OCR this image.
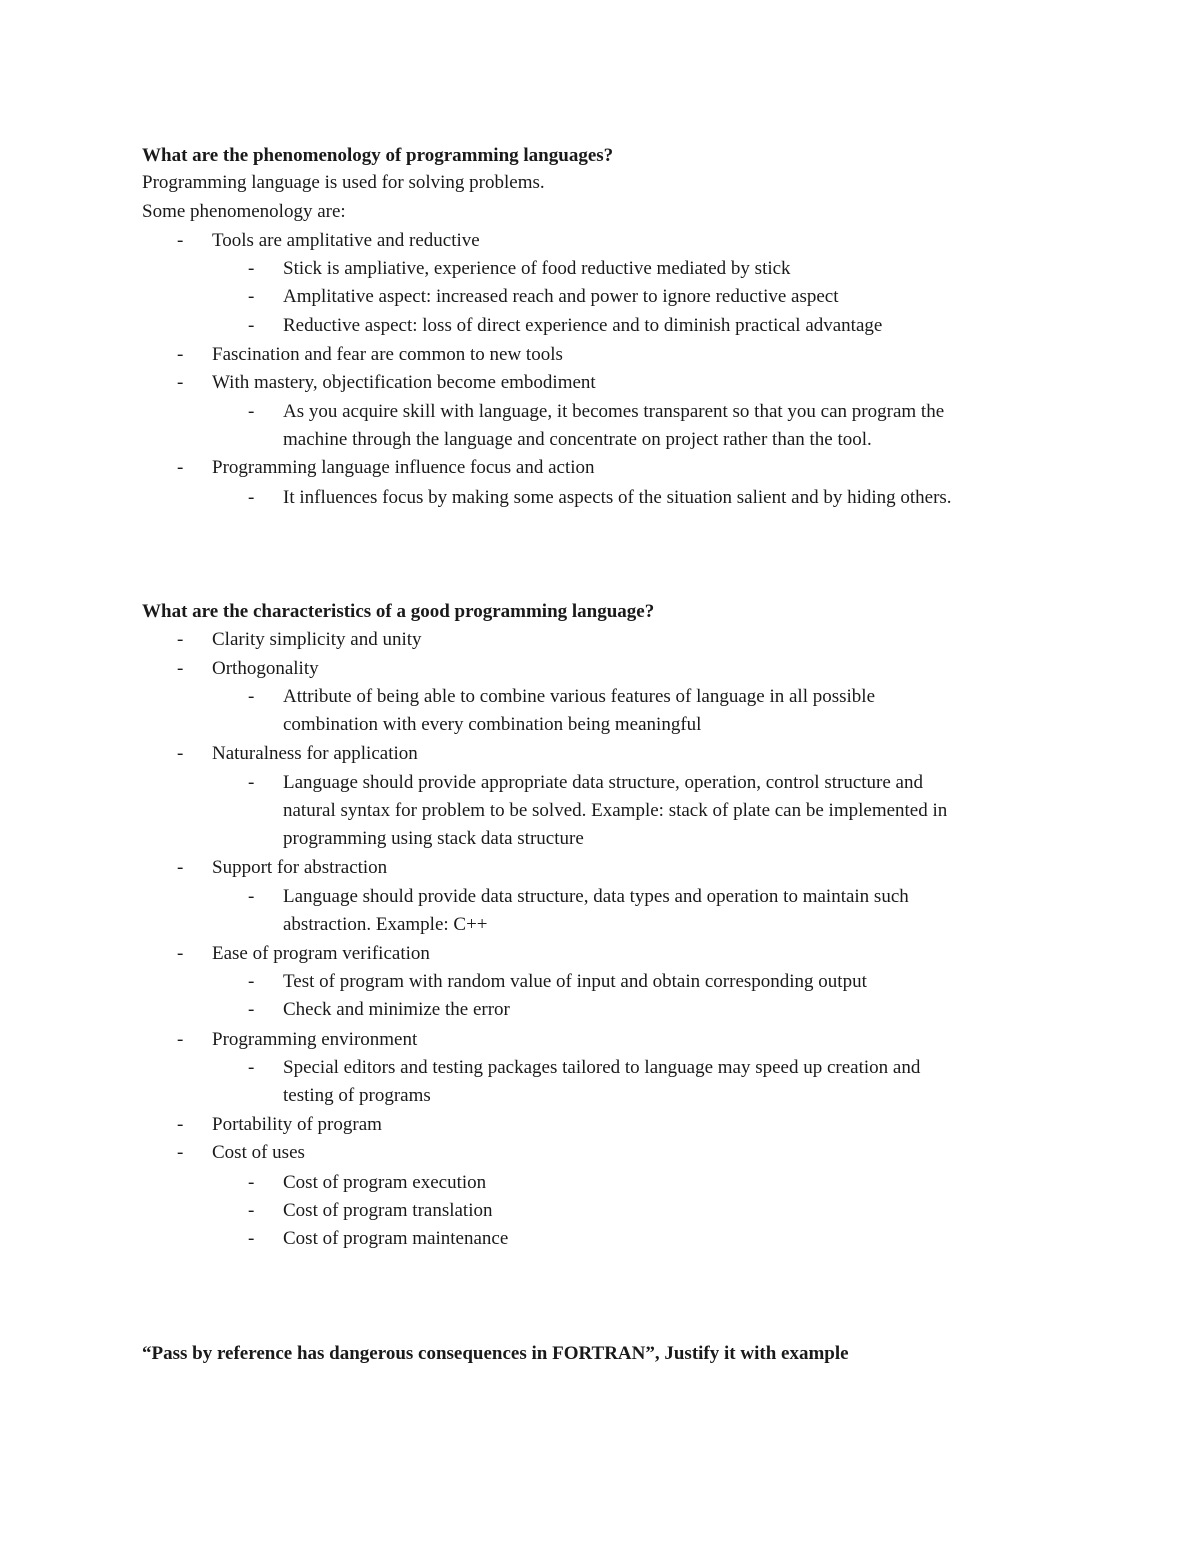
What are the phenomenology of programming languages?
Programming language is used for solving problems.
Some phenomenology are:
- Tools are amplitative and reductive
- Stick is ampliative, experience of food reductive mediated by stick
- Amplitative aspect: increased reach and power to ignore reductive aspect
- Reductive aspect: loss of direct experience and to diminish practical advantage
- Fascination and fear are common to new tools
- With mastery, objectification become embodiment
- As you acquire skill with language, it becomes transparent so that you can program the
machine through the language and concentrate on project rather than the tool.
- Programming language influence focus and action
- It influences focus by making some aspects of the situation salient and by hiding others.
What are the characteristics of a good programming language?
- Clarity simplicity and unity
- Orthogonality
- Attribute of being able to combine various features of language in all possible
combination with every combination being meaningful
- Naturalness for application
- Language should provide appropriate data structure, operation, control structure and
natural syntax for problem to be solved. Example: stack of plate can be implemented in
programming using stack data structure
- Support for abstraction
- Language should provide data structure, data types and operation to maintain such
abstraction. Example: C++
- Ease of program verification
- Test of program with random value of input and obtain corresponding output
- Check and minimize the error
- Programming environment
- Special editors and testing packages tailored to language may speed up creation and
testing of programs
- Portability of program
- Cost of uses
- Cost of program execution
- Cost of program translation
- Cost of program maintenance
“Pass by reference has dangerous consequences in FORTRAN”, Justify it with example
